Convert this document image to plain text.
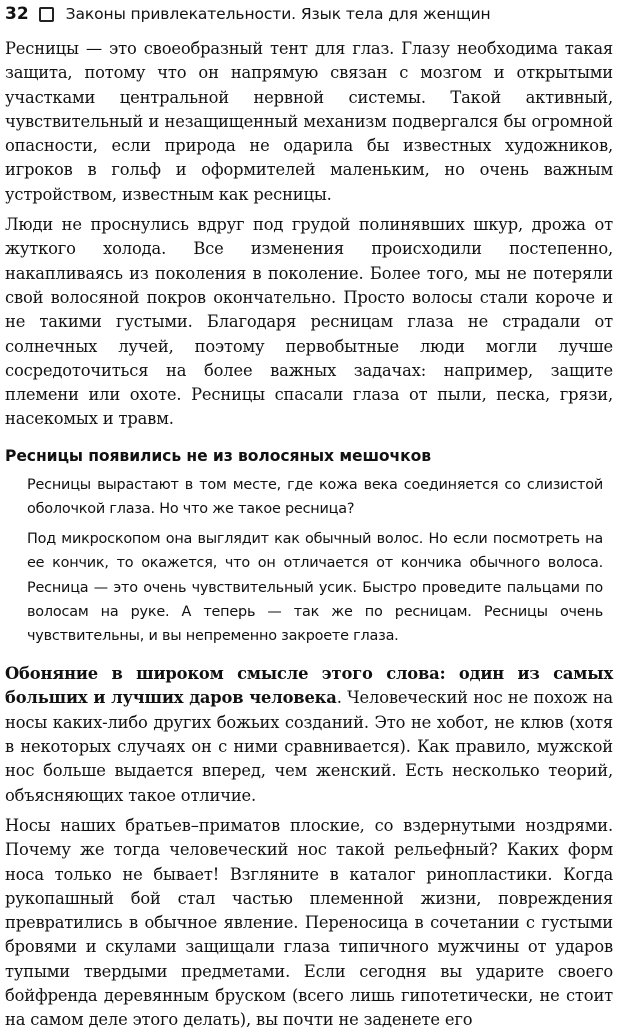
32 Законы привлекательности. Язык тела для женщин

Ресницы — это своеобразный тент для глаз. Глазу необходима такая защита, потому что он напрямую связан с мозгом и открытыми участками центральной нервной системы. Такой активный, чувствительный и незащищенный механизм подвергался бы огромной опасности, если природа не одарила бы известных художников, игроков в гольф и оформителей маленьким, но очень важным устройством, известным как ресницы.

Люди не проснулись вдруг под грудой полинявших шкур, дрожа от жуткого холода. Все изменения происходили постепенно, накапливаясь из поколения в поколение. Более того, мы не потеряли свой волосяной покров окончательно. Просто волосы стали короче и не такими густыми. Благодаря ресницам глаза не страдали от солнечных лучей, поэтому первобытные люди могли лучше сосредоточиться на более важных задачах: например, защите племени или охоте. Ресницы спасали глаза от пыли, песка, грязи, насекомых и травм.

Ресницы появились не из волосяных мешочков

Ресницы вырастают в том месте, где кожа века соединяется со слизистой оболочкой глаза. Но что же такое ресница?

Под микроскопом она выглядит как обычный волос. Но если посмотреть на ее кончик, то окажется, что он отличается от кончика обычного волоса. Ресница — это очень чувствительный усик. Быстро проведите пальцами по волосам на руке. А теперь — так же по ресницам. Ресницы очень чувствительны, и вы непременно закроете глаза.

Обоняние в широком смысле этого слова: один из самых больших и лучших даров человека. Человеческий нос не похож на носы каких-либо других божьих созданий. Это не хобот, не клюв (хотя в некоторых случаях он с ними сравнивается). Как правило, мужской нос больше выдается вперед, чем женский. Есть несколько теорий, объясняющих такое отличие.

Носы наших братьев–приматов плоские, со вздернутыми ноздрями. Почему же тогда человеческий нос такой рельефный? Каких форм носа только не бывает! Взгляните в каталог ринопластики. Когда рукопашный бой стал частью племенной жизни, повреждения превратились в обычное явление. Переносица в сочетании с густыми бровями и скулами защищали глаза типичного мужчины от ударов тупыми твердыми предметами. Если сегодня вы ударите своего бойфренда деревянным бруском (всего лишь гипотетически, не стоит на самом деле этого делать), вы почти не заденете его
